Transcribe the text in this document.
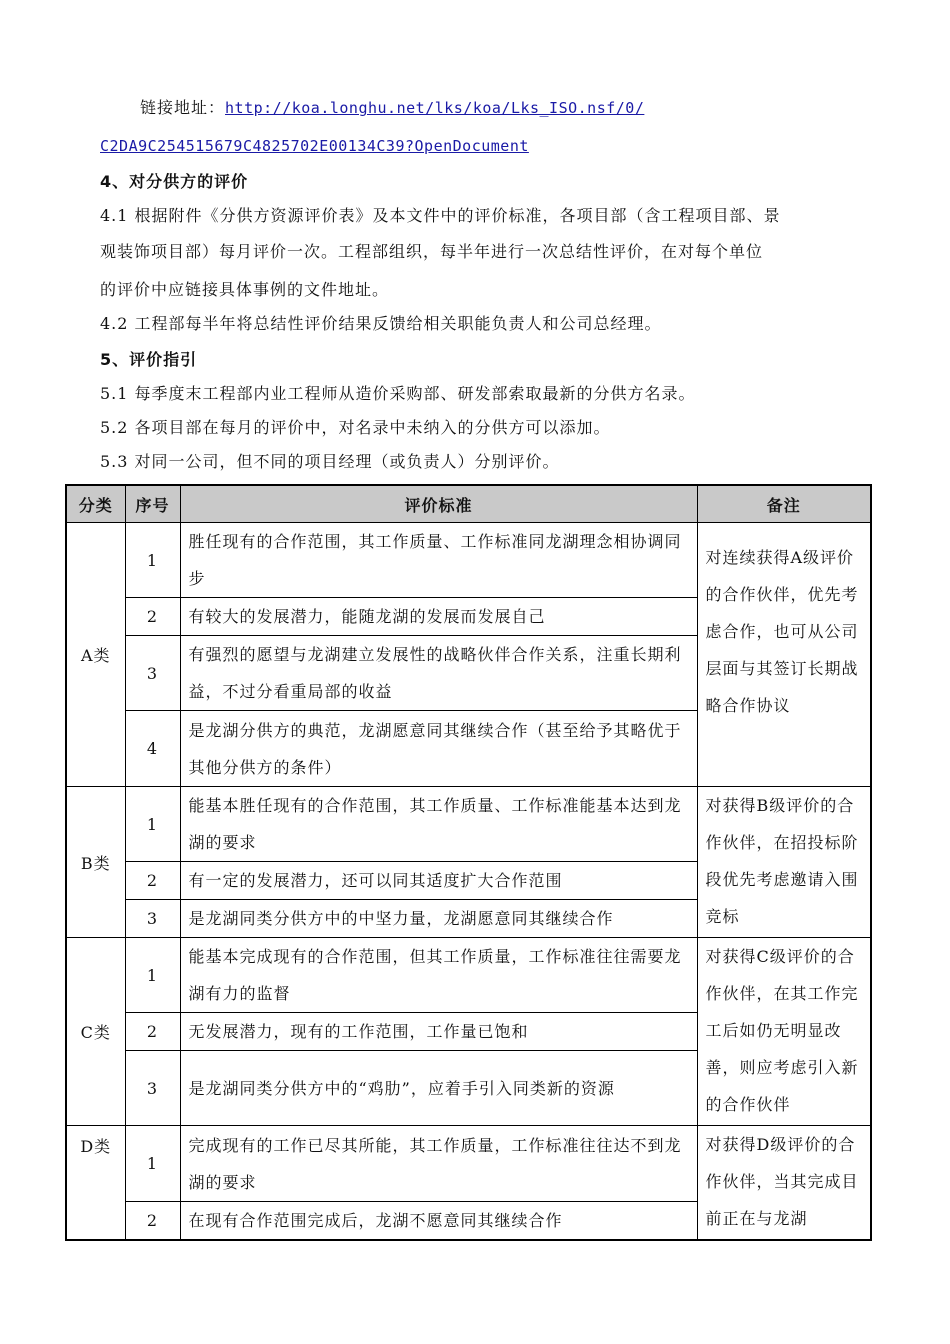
链接地址：http://koa.longhu.net/lks/koa/Lks_ISO.nsf/0/
C2DA9C254515679C4825702E00134C39?OpenDocument
4、对分供方的评价
4.1 根据附件《分供方资源评价表》及本文件中的评价标准，各项目部（含工程项目部、景
观装饰项目部）每月评价一次。工程部组织，每半年进行一次总结性评价，在对每个单位
的评价中应链接具体事例的文件地址。
4.2 工程部每半年将总结性评价结果反馈给相关职能负责人和公司总经理。
5、评价指引
5.1 每季度末工程部内业工程师从造价采购部、研发部索取最新的分供方名录。
5.2 各项目部在每月的评价中，对名录中未纳入的分供方可以添加。
5.3 对同一公司，但不同的项目经理（或负责人）分别评价。
分类	序号	评价标准	备注
A类	1	胜任现有的合作范围，其工作质量、工作标准同龙湖理念相协调同步	对连续获得A级评价的合作伙伴，优先考虑合作，也可从公司层面与其签订长期战略合作协议
	2	有较大的发展潜力，能随龙湖的发展而发展自己	
	3	有强烈的愿望与龙湖建立发展性的战略伙伴合作关系，注重长期利益，不过分看重局部的收益	
	4	是龙湖分供方的典范，龙湖愿意同其继续合作（甚至给予其略优于其他分供方的条件）	
B类	1	能基本胜任现有的合作范围，其工作质量、工作标准能基本达到龙湖的要求	对获得B级评价的合作伙伴，在招投标阶段优先考虑邀请入围竞标
	2	有一定的发展潜力，还可以同其适度扩大合作范围	
	3	是龙湖同类分供方中的中坚力量，龙湖愿意同其继续合作	
C类	1	能基本完成现有的合作范围，但其工作质量，工作标准往往需要龙湖有力的监督	对获得C级评价的合作伙伴，在其工作完工后如仍无明显改善，则应考虑引入新的合作伙伴
	2	无发展潜力，现有的工作范围，工作量已饱和	
	3	是龙湖同类分供方中的“鸡肋”，应着手引入同类新的资源	
D类	1	完成现有的工作已尽其所能，其工作质量，工作标准往往达不到龙湖的要求	对获得D级评价的合作伙伴，当其完成目前正在与龙湖
	2	在现有合作范围完成后，龙湖不愿意同其继续合作	
